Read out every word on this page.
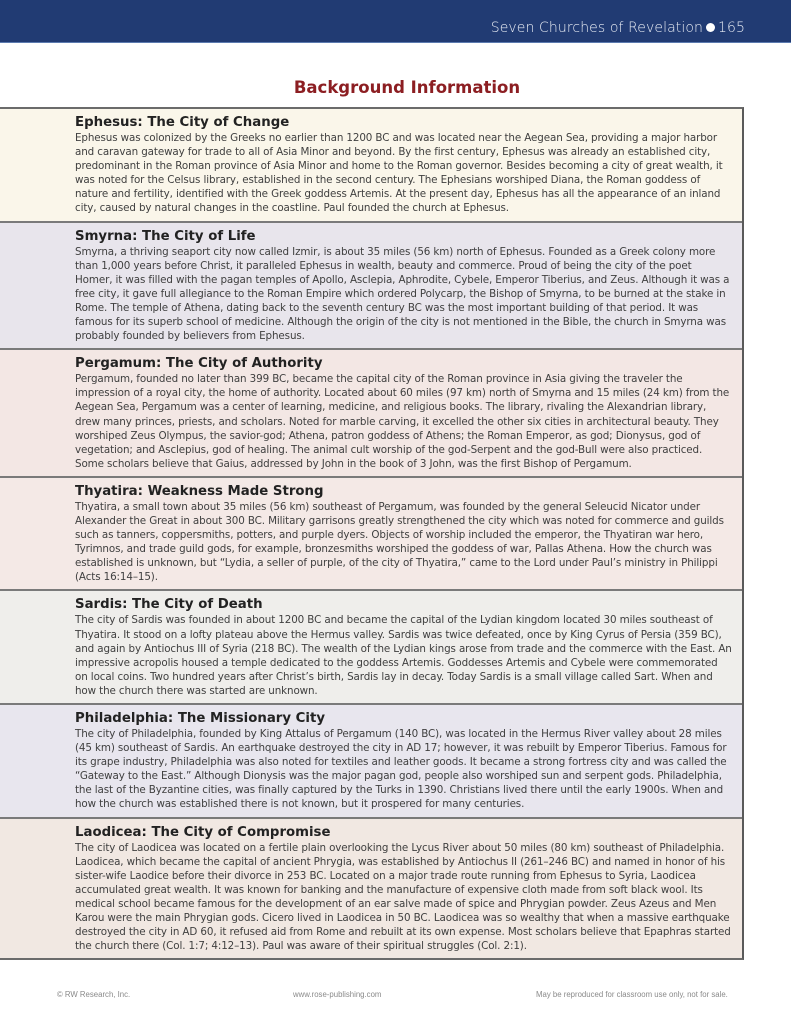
Seven Churches of Revelation 165
Background Information
Ephesus: The City of Change

Ephesus was colonized by the Greeks no earlier than 1200 BC and was located near the Aegean Sea, providing a major harbor and caravan gateway for trade to all of Asia Minor and beyond. By the first century, Ephesus was already an established city, predominant in the Roman province of Asia Minor and home to the Roman governor. Besides becoming a city of great wealth, it was noted for the Celsus library, established in the second century. The Ephesians worshiped Diana, the Roman goddess of nature and fertility, identified with the Greek goddess Artemis. At the present day, Ephesus has all the appearance of an inland city, caused by natural changes in the coastline. Paul founded the church at Ephesus.

Smyrna: The City of Life

Smyrna, a thriving seaport city now called Izmir, is about 35 miles (56 km) north of Ephesus. Founded as a Greek colony more than 1,000 years before Christ, it paralleled Ephesus in wealth, beauty and commerce. Proud of being the city of the poet Homer, it was filled with the pagan temples of Apollo, Asclepia, Aphrodite, Cybele, Emperor Tiberius, and Zeus. Although it was a free city, it gave full allegiance to the Roman Empire which ordered Polycarp, the Bishop of Smyrna, to be burned at the stake in Rome. The temple of Athena, dating back to the seventh century BC was the most important building of that period. It was famous for its superb school of medicine. Although the origin of the city is not mentioned in the Bible, the church in Smyrna was probably founded by believers from Ephesus.

Pergamum: The City of Authority

Pergamum, founded no later than 399 BC, became the capital city of the Roman province in Asia giving the traveler the impression of a royal city, the home of authority. Located about 60 miles (97 km) north of Smyrna and 15 miles (24 km) from the Aegean Sea, Pergamum was a center of learning, medicine, and religious books. The library, rivaling the Alexandrian library, drew many princes, priests, and scholars. Noted for marble carving, it excelled the other six cities in architectural beauty. They worshiped Zeus Olympus, the savior-god; Athena, patron goddess of Athens; the Roman Emperor, as god; Dionysus, god of vegetation; and Asclepius, god of healing. The animal cult worship of the god-Serpent and the god-Bull were also practiced. Some scholars believe that Gaius, addressed by John in the book of 3 John, was the first Bishop of Pergamum.

Thyatira: Weakness Made Strong

Thyatira, a small town about 35 miles (56 km) southeast of Pergamum, was founded by the general Seleucid Nicator under Alexander the Great in about 300 BC. Military garrisons greatly strengthened the city which was noted for commerce and guilds such as tanners, coppersmiths, potters, and purple dyers. Objects of worship included the emperor, the Thyatiran war hero, Tyrimnos, and trade guild gods, for example, bronzesmiths worshiped the goddess of war, Pallas Athena. How the church was established is unknown, but “Lydia, a seller of purple, of the city of Thyatira,” came to the Lord under Paul’s ministry in Philippi (Acts 16:14–15).

Sardis: The City of Death

The city of Sardis was founded in about 1200 BC and became the capital of the Lydian kingdom located 30 miles southeast of Thyatira. It stood on a lofty plateau above the Hermus valley. Sardis was twice defeated, once by King Cyrus of Persia (359 BC), and again by Antiochus III of Syria (218 BC). The wealth of the Lydian kings arose from trade and the commerce with the East. An impressive acropolis housed a temple dedicated to the goddess Artemis. Goddesses Artemis and Cybele were commemorated on local coins. Two hundred years after Christ’s birth, Sardis lay in decay. Today Sardis is a small village called Sart. When and how the church there was started are unknown.

Philadelphia: The Missionary City

The city of Philadelphia, founded by King Attalus of Pergamum (140 BC), was located in the Hermus River valley about 28 miles (45 km) southeast of Sardis. An earthquake destroyed the city in AD 17; however, it was rebuilt by Emperor Tiberius. Famous for its grape industry, Philadelphia was also noted for textiles and leather goods. It became a strong fortress city and was called the “Gateway to the East.” Although Dionysis was the major pagan god, people also worshiped sun and serpent gods. Philadelphia, the last of the Byzantine cities, was finally captured by the Turks in 1390. Christians lived there until the early 1900s. When and how the church was established there is not known, but it prospered for many centuries.

Laodicea: The City of Compromise

The city of Laodicea was located on a fertile plain overlooking the Lycus River about 50 miles (80 km) southeast of Philadelphia. Laodicea, which became the capital of ancient Phrygia, was established by Antiochus II (261–246 BC) and named in honor of his sister-wife Laodice before their divorce in 253 BC. Located on a major trade route running from Ephesus to Syria, Laodicea accumulated great wealth. It was known for banking and the manufacture of expensive cloth made from soft black wool. Its medical school became famous for the development of an ear salve made of spice and Phrygian powder. Zeus Azeus and Men Karou were the main Phrygian gods. Cicero lived in Laodicea in 50 BC. Laodicea was so wealthy that when a massive earthquake destroyed the city in AD 60, it refused aid from Rome and rebuilt at its own expense. Most scholars believe that Epaphras started the church there (Col. 1:7; 4:12–13). Paul was aware of their spiritual struggles (Col. 2:1).

© RW Research, Inc.	www.rose-publishing.com	May be reproduced for classroom use only, not for sale.
